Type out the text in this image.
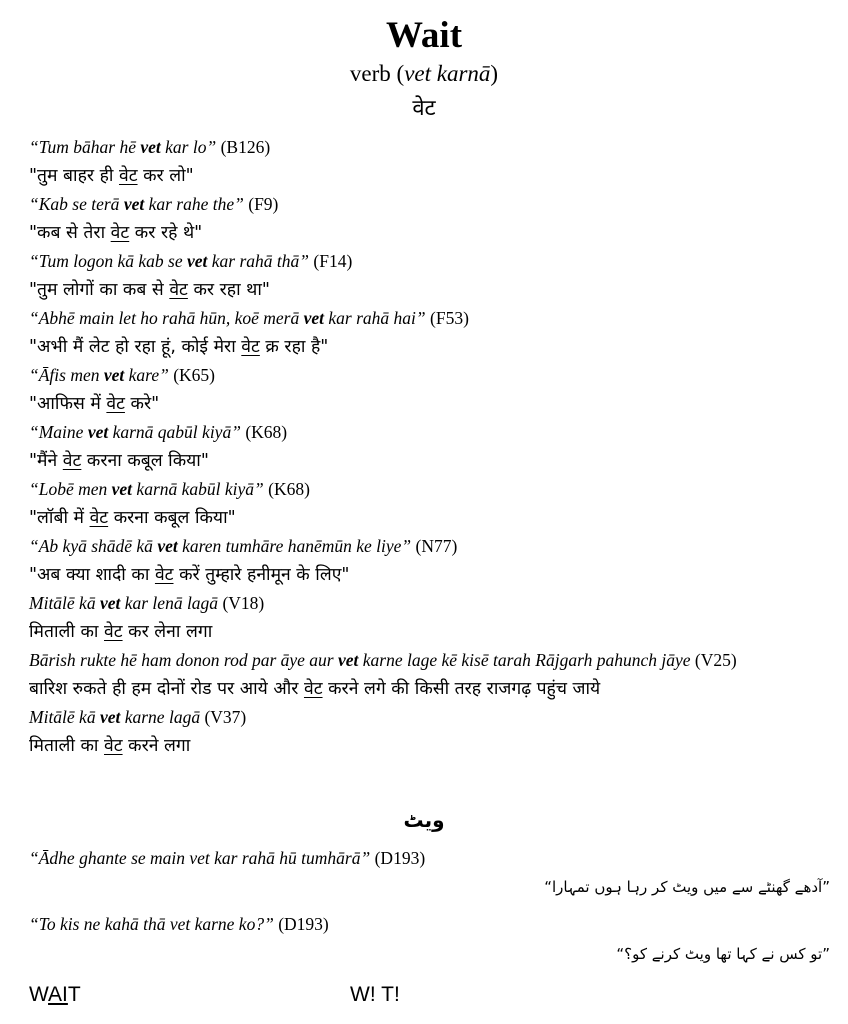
Wait
verb (vet karnā)
वेट
“Tum bāhar hē vet kar lo” (B126)
"तुम बाहर ही वेट कर लो"
“Kab se terā vet kar rahe the” (F9)
"कब से तेरा वेट कर रहे थे"
“Tum logon kā kab se vet kar rahā thā” (F14)
"तुम लोगों का कब से वेट कर रहा था"
“Abhē main let ho rahā hūn, koē merā vet kar rahā hai” (F53)
"अभी मैं लेट हो रहा हूं, कोई मेरा वेट क्र रहा है"
“Āfis men vet kare” (K65)
"आफिस में वेट करे"
“Maine vet karnā qabūl kiyā” (K68)
"मैंने वेट करना कबूल किया"
“Lobē men vet karnā kabūl kiyā” (K68)
"लॉबी में वेट करना कबूल किया"
“Ab kyā shādē kā vet karen tumhāre hanēmūn ke liye” (N77)
"अब क्या शादी का वेट करें तुम्हारे हनीमून के लिए"
Mitālē kā vet kar lenā lagā (V18)
मिताली का वेट कर लेना लगा
Bārish rukte hē ham donon rod par āye aur vet karne lage kē kisē tarah Rājgarh pahunch jāye (V25)
बारिश रुकते ही हम दोनों रोड पर आये और वेट करने लगे की किसी तरह राजगढ़ पहुंच जाये
Mitālē kā vet karne lagā (V37)
मिताली का वेट करने लगा
ویٹ
“Ādhe ghante se main vet kar rahā hū tumhārā” (D193)
”آدھے گھنٹے سے میں ویٹ کر رہا ہوں تمہارا“
“To kis ne kahā thā vet karne ko?” (D193)
”تو کس نے کہا تھا ویٹ کرنے کو؟“
WAIT	W! T!
